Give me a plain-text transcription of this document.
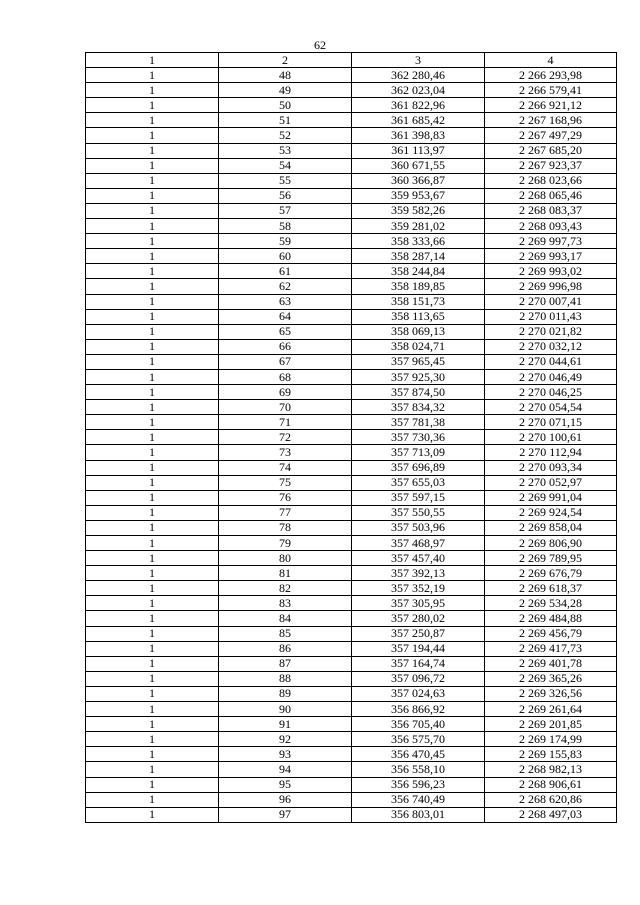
62
1	2	3	4
1	48	362 280,46	2 266 293,98
1	49	362 023,04	2 266 579,41
1	50	361 822,96	2 266 921,12
1	51	361 685,42	2 267 168,96
1	52	361 398,83	2 267 497,29
1	53	361 113,97	2 267 685,20
1	54	360 671,55	2 267 923,37
1	55	360 366,87	2 268 023,66
1	56	359 953,67	2 268 065,46
1	57	359 582,26	2 268 083,37
1	58	359 281,02	2 268 093,43
1	59	358 333,66	2 269 997,73
1	60	358 287,14	2 269 993,17
1	61	358 244,84	2 269 993,02
1	62	358 189,85	2 269 996,98
1	63	358 151,73	2 270 007,41
1	64	358 113,65	2 270 011,43
1	65	358 069,13	2 270 021,82
1	66	358 024,71	2 270 032,12
1	67	357 965,45	2 270 044,61
1	68	357 925,30	2 270 046,49
1	69	357 874,50	2 270 046,25
1	70	357 834,32	2 270 054,54
1	71	357 781,38	2 270 071,15
1	72	357 730,36	2 270 100,61
1	73	357 713,09	2 270 112,94
1	74	357 696,89	2 270 093,34
1	75	357 655,03	2 270 052,97
1	76	357 597,15	2 269 991,04
1	77	357 550,55	2 269 924,54
1	78	357 503,96	2 269 858,04
1	79	357 468,97	2 269 806,90
1	80	357 457,40	2 269 789,95
1	81	357 392,13	2 269 676,79
1	82	357 352,19	2 269 618,37
1	83	357 305,95	2 269 534,28
1	84	357 280,02	2 269 484,88
1	85	357 250,87	2 269 456,79
1	86	357 194,44	2 269 417,73
1	87	357 164,74	2 269 401,78
1	88	357 096,72	2 269 365,26
1	89	357 024,63	2 269 326,56
1	90	356 866,92	2 269 261,64
1	91	356 705,40	2 269 201,85
1	92	356 575,70	2 269 174,99
1	93	356 470,45	2 269 155,83
1	94	356 558,10	2 268 982,13
1	95	356 596,23	2 268 906,61
1	96	356 740,49	2 268 620,86
1	97	356 803,01	2 268 497,03
